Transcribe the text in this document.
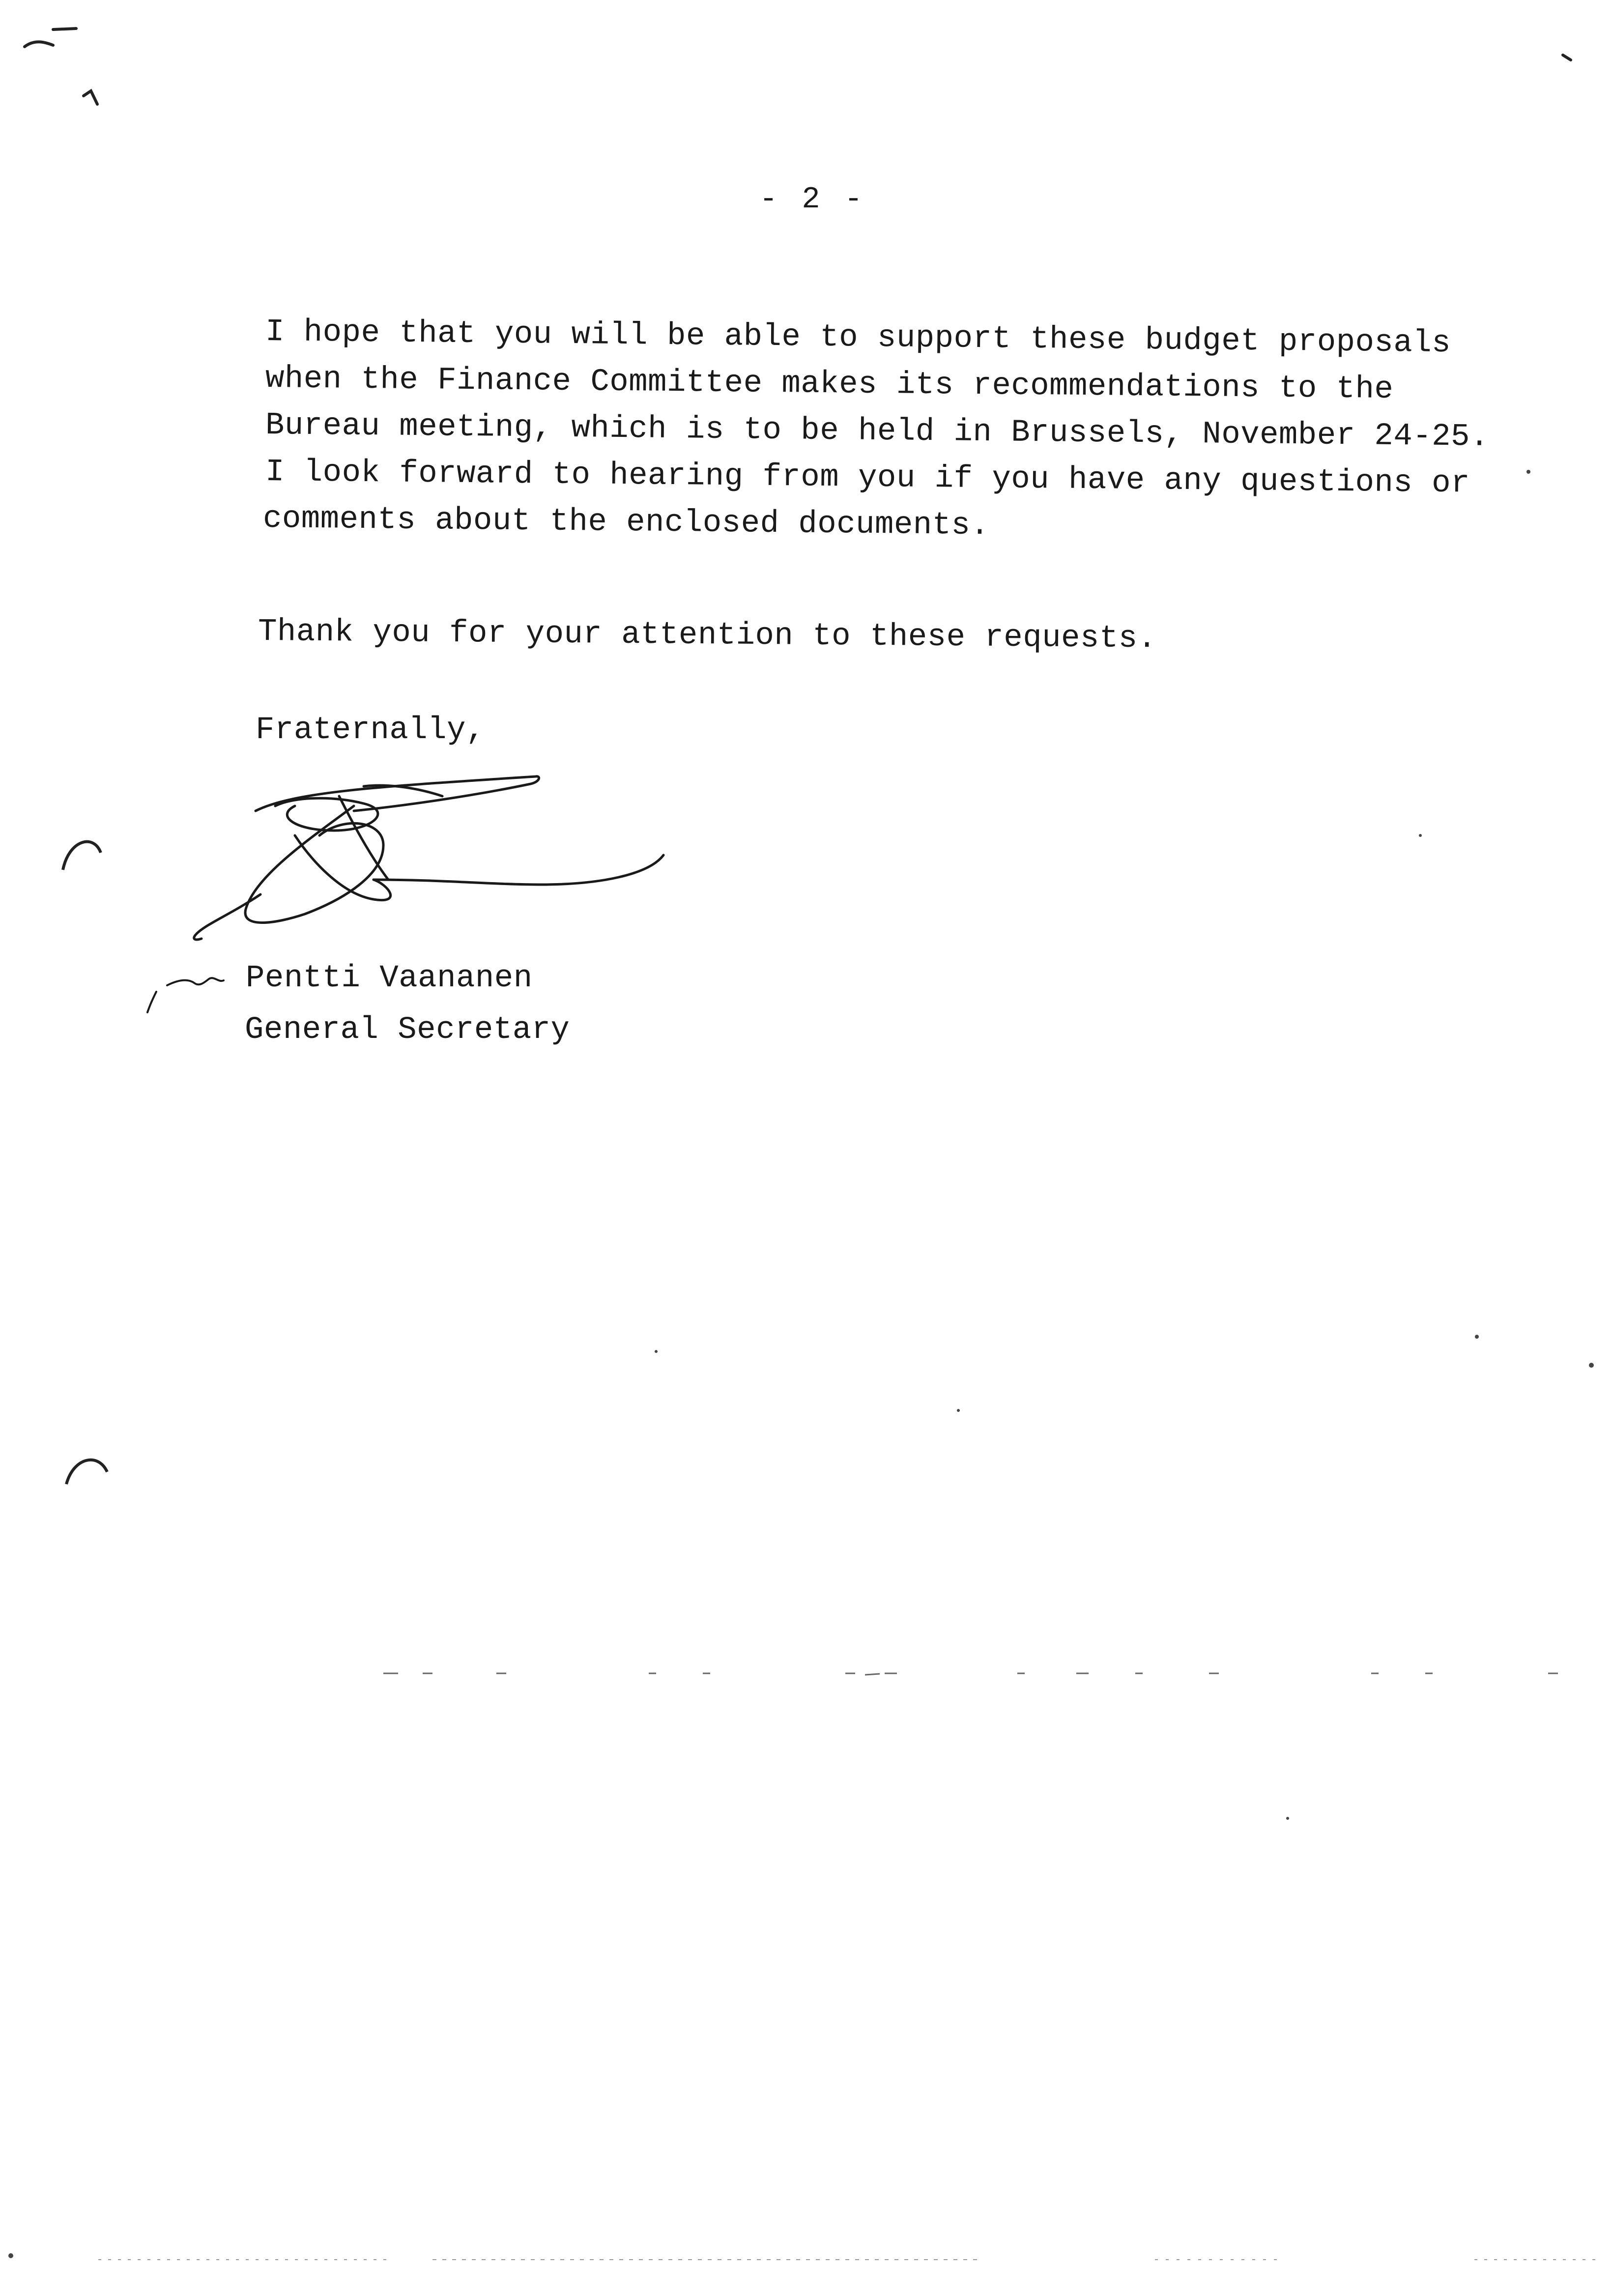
- 2 -
I hope that you will be able to support these budget proposals
when the Finance Committee makes its recommendations to the
Bureau meeting, which is to be held in Brussels, November 24-25.
I look forward to hearing from you if you have any questions or
comments about the enclosed documents.
Thank you for your attention to these requests.
Fraternally,
Pentti Vaananen
General Secretary
